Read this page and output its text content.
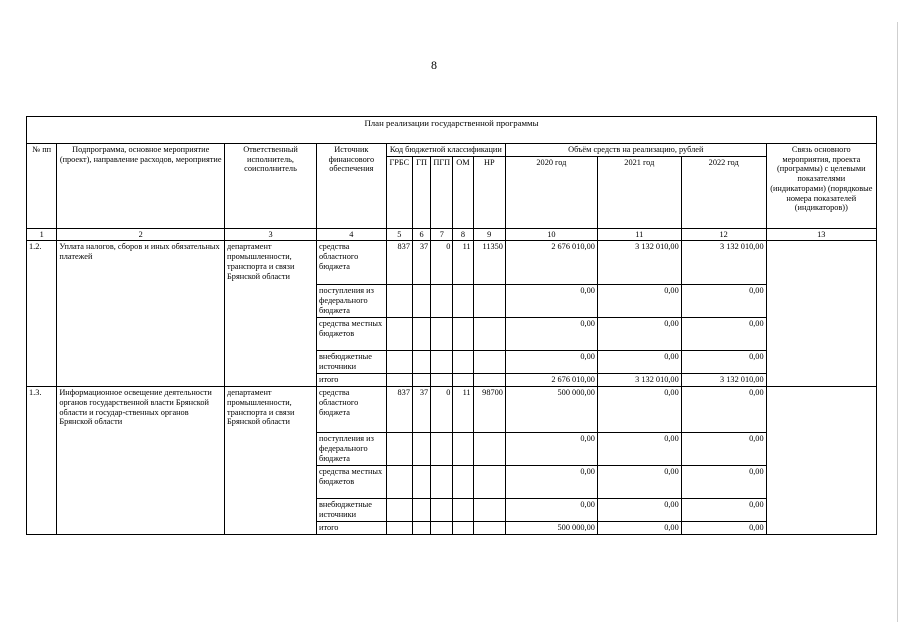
8
План реализации государственной программы												
№ пп	Подпрограмма, основное мероприятие (проект), направление расходов, мероприятие	Ответственный исполнитель, соисполнитель	Источник финансового обеспечения	Код бюджетной классификации					Объём средств на реализацию, рублей			Связь основного мероприятия, проекта (программы) с целевыми показателями (индикаторами) (порядковые номера показателей (индикаторов))
				ГРБС	ГП	ПГП	ОМ	НР	2020 год	2021 год	2022 год	
1	2	3	4	5	6	7	8	9	10	11	12	13
1.2.	Уплата налогов, сборов и иных обязательных платежей	департамент промышленности, транспорта и связи Брянской области	средства областного бюджета	837	37	0	11	11350	2 676 010,00	3 132 010,00	3 132 010,00	
			поступления из федерального бюджета						0,00	0,00	0,00	
			средства местных бюджетов						0,00	0,00	0,00	
			внебюджетные источники						0,00	0,00	0,00	
			итого						2 676 010,00	3 132 010,00	3 132 010,00	
1.3.	Информационное освещение деятельности органов государственной власти Брянской области и государ-ственных органов Брянской области	департамент промышленности, транспорта и связи Брянской области	средства областного бюджета	837	37	0	11	98700	500 000,00	0,00	0,00	
			поступления из федерального бюджета						0,00	0,00	0,00	
			средства местных бюджетов						0,00	0,00	0,00	
			внебюджетные источники						0,00	0,00	0,00	
			итого						500 000,00	0,00	0,00	
